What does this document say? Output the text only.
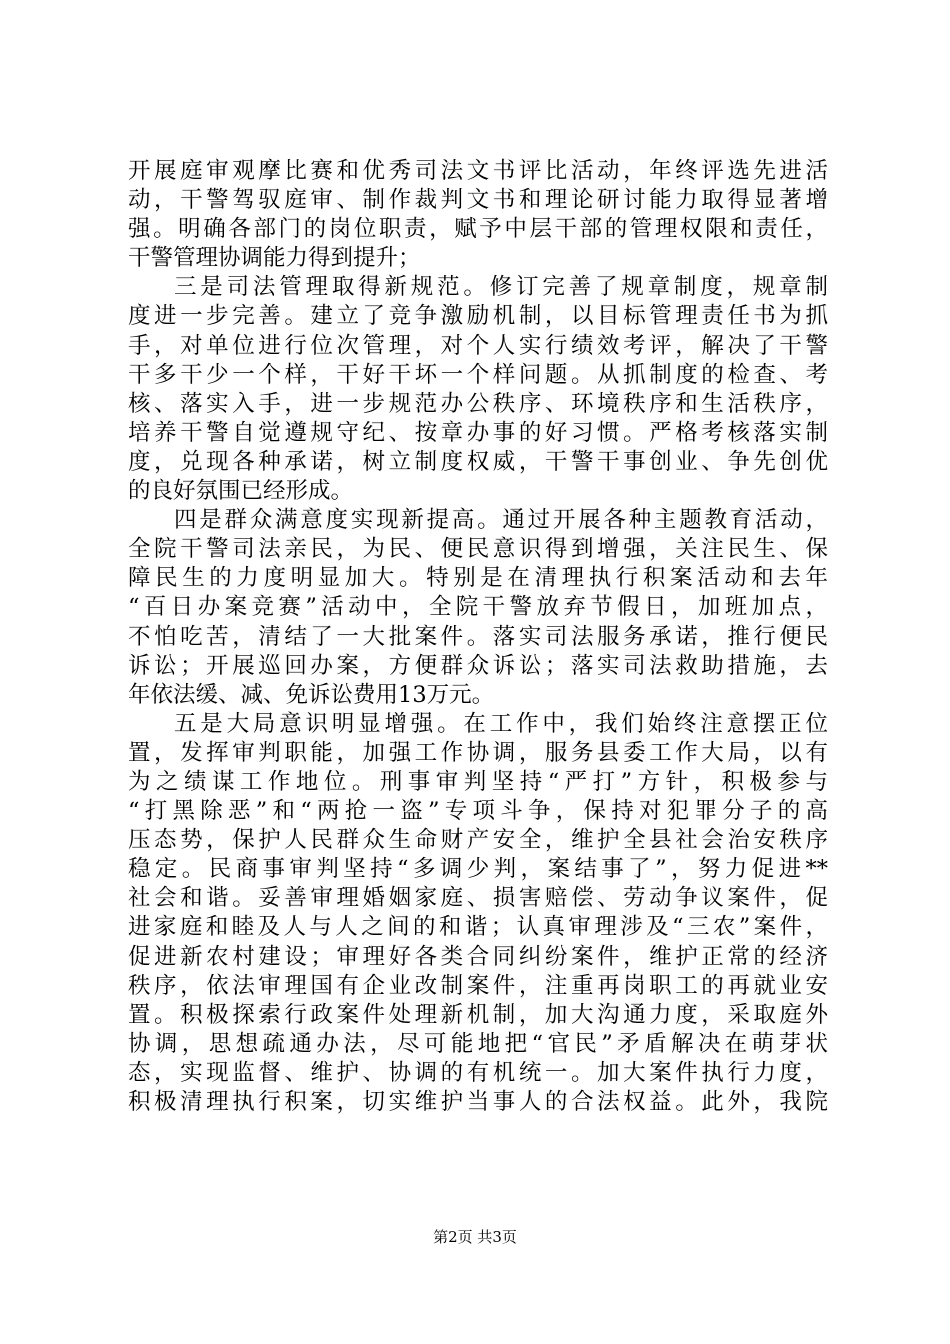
开展庭审观摩比赛和优秀司法文书评比活动，年终评选先进活
动，干警驾驭庭审、制作裁判文书和理论研讨能力取得显著增
强。明确各部门的岗位职责，赋予中层干部的管理权限和责任，
干警管理协调能力得到提升；
三是司法管理取得新规范。修订完善了规章制度，规章制
度进一步完善。建立了竞争激励机制，以目标管理责任书为抓
手，对单位进行位次管理，对个人实行绩效考评，解决了干警
干多干少一个样，干好干坏一个样问题。从抓制度的检查、考
核、落实入手，进一步规范办公秩序、环境秩序和生活秩序，
培养干警自觉遵规守纪、按章办事的好习惯。严格考核落实制
度，兑现各种承诺，树立制度权威，干警干事创业、争先创优
的良好氛围已经形成。
四是群众满意度实现新提高。通过开展各种主题教育活动，
全院干警司法亲民，为民、便民意识得到增强，关注民生、保
障民生的力度明显加大。特别是在清理执行积案活动和去年
“百日办案竞赛”活动中，全院干警放弃节假日，加班加点，
不怕吃苦，清结了一大批案件。落实司法服务承诺，推行便民
诉讼；开展巡回办案，方便群众诉讼；落实司法救助措施，去
年依法缓、减、免诉讼费用13万元。
五是大局意识明显增强。在工作中，我们始终注意摆正位
置，发挥审判职能，加强工作协调，服务县委工作大局，以有
为之绩谋工作地位。刑事审判坚持“严打”方针，积极参与
“打黑除恶”和“两抢一盗”专项斗争，保持对犯罪分子的高
压态势，保护人民群众生命财产安全，维护全县社会治安秩序
稳定。民商事审判坚持“多调少判，案结事了”，努力促进**
社会和谐。妥善审理婚姻家庭、损害赔偿、劳动争议案件，促
进家庭和睦及人与人之间的和谐；认真审理涉及“三农”案件，
促进新农村建设；审理好各类合同纠纷案件，维护正常的经济
秩序，依法审理国有企业改制案件，注重再岗职工的再就业安
置。积极探索行政案件处理新机制，加大沟通力度，采取庭外
协调，思想疏通办法，尽可能地把“官民”矛盾解决在萌芽状
态，实现监督、维护、协调的有机统一。加大案件执行力度，
积极清理执行积案，切实维护当事人的合法权益。此外，我院
第2页 共3页
